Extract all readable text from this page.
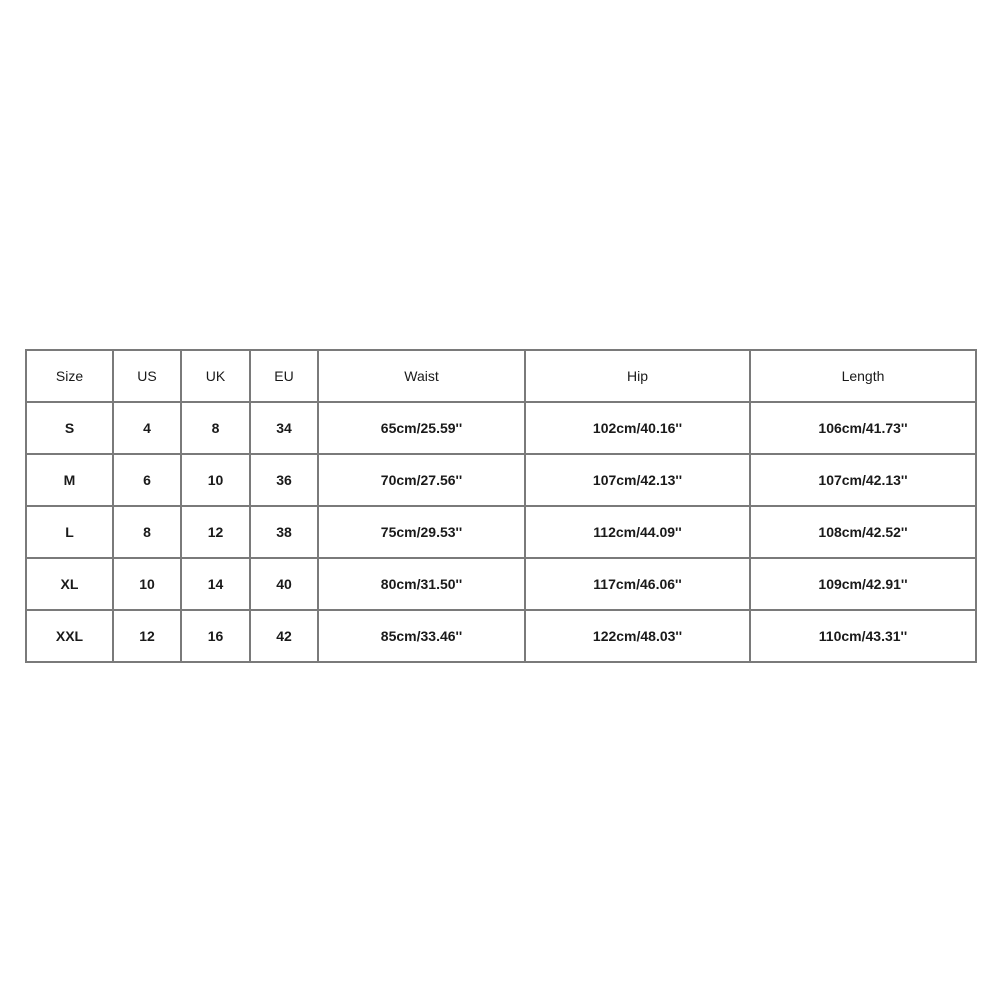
Size	US	UK	EU	Waist	Hip	Length
S	4	8	34	65cm/25.59''	102cm/40.16''	106cm/41.73''
M	6	10	36	70cm/27.56''	107cm/42.13''	107cm/42.13''
L	8	12	38	75cm/29.53''	112cm/44.09''	108cm/42.52''
XL	10	14	40	80cm/31.50''	117cm/46.06''	109cm/42.91''
XXL	12	16	42	85cm/33.46''	122cm/48.03''	110cm/43.31''
